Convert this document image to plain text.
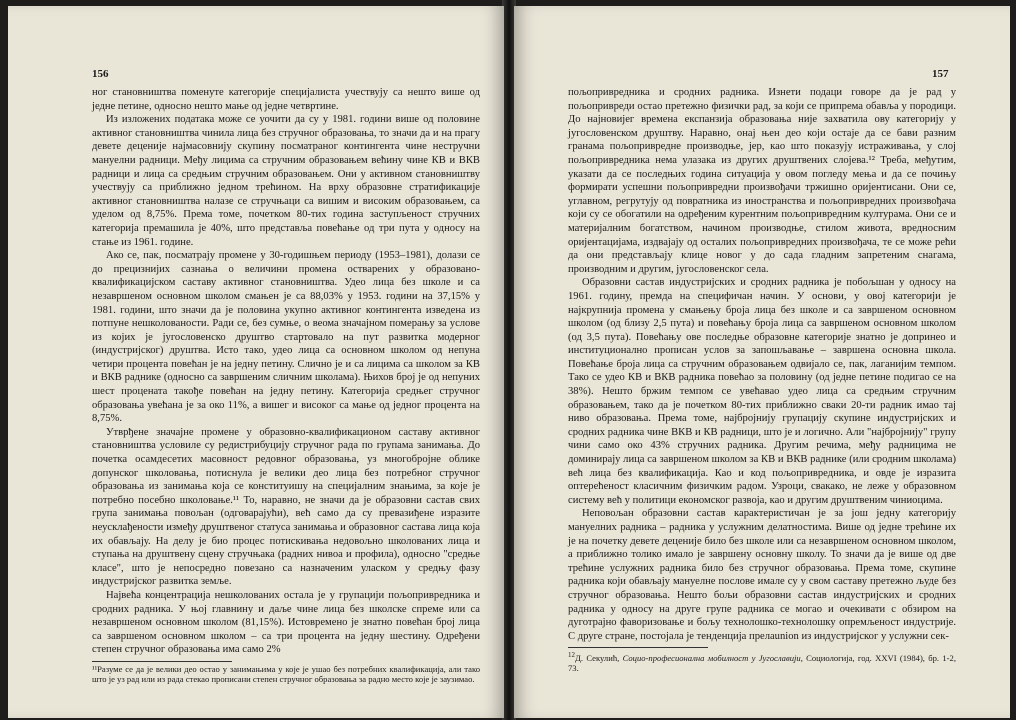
156

ног становништва поменуте категорије специјалиста учествују са нешто више од једне петине, односно нешто мање од једне четвртине.

Из изложених података може се уочити да су у 1981. години више од половине активног становништва чинила лица без стручног образовања, то значи да и на прагу девете деценије најмасовнију скупину посматраног контингента чине нестручни мануелни радници. Међу лицима са стручним образовањем већину чине КВ и ВКВ радници и лица са средњим стручним образовањем. Они у активном становништву учествују са приближно једном трећином. На врху образовне стратификације активног становништва налазе се стручњаци са вишим и високим образовањем, са уделом од 8,75%. Према томе, почетком 80-тих година заступљеност стручних категорија премашила је 40%, што представља повећање од три пута у односу на стање из 1961. године.

Ако се, пак, посматрају промене у 30-годишњем периоду (1953–1981), долази се до прецизнијих сазнања о величини промена остварених у образовано-квалификацијском саставу активног становништва. Удео лица без школе и са незавршеном основном школом смањен је са 88,03% у 1953. години на 37,15% у 1981. години, што значи да је половина укупно активног контингента изведена из потпуне нешколованости. Ради се, без сумње, о веома значајном померању за услове из којих је југословенско друштво стартовало на пут развитка модерног (индустријског) друштва. Исто тако, удео лица са основном школом од непуна четири процента повећан је на једну петину. Слично је и са лицима са школом за КВ и ВКВ раднике (односно са завршеним сличним школама). Њихов број је од непуних шест процената такође повећан на једну петину. Категорија средњег стручног образовања увећана је за око 11%, а вишег и високог са мање од једног процента на 8,75%.

Утврђене значајне промене у образовно-квалификационом саставу активног становништва условиле су редистрибуцију стручног рада по групама занимања. До почетка осамдесетих масовност редовног образовања, уз многобројне облике допунског школовања, потиснула је велики део лица без потребног стручног образовања из занимања која се конституишу на специјалним знањима, за које је потребно посебно школовање.¹¹ То, наравно, не значи да је образовни састав свих група занимања повољан (одговарајући), већ само да су превазиђене изразите неусклађености између друштвеног статуса занимања и образовног састава лица која их обављају. На делу је био процес потискивања недовољно школованих лица и ступања на друштвену сцену стручњака (радних нивоа и профила), односно "средње класе", што је непосредно повезано са назначеним уласком у средњу фазу индустријског развитка земље.

Највећа концентрација нешколованих остала је у групацији пољопривредника и сродних радника. У њој главнину и даље чине лица без школске спреме или са незавршеном основном школом (81,15%). Истовремено је знатно повећан број лица са завршеном основном школом – са три процента на једну шестину. Одређени степен стручног образовања има само 2%

¹¹Разуме се да је велики део остао у занимањима у које је ушао без потребних квалификација, али тако што је уз рад или из рада стекао прописани степен стручног образовања за радно место које је заузимао.

157

пољопривредника и сродних радника. Изнети подаци говоре да је рад у пољопривреди остао претежно физички рад, за који се припрема обавља у породици. До најновијег времена експанзија образовања није захватила ову категорију у југословенском друштву. Наравно, онај њен део који остаје да се бави разним гранама пољопривредне производње, јер, као што показују истраживања, у слој пољопривредника нема улазака из других друштвених слојева.¹² Треба, међутим, указати да се последњих година ситуација у овом погледу мења и да се почињу формирати успешни пољопривредни произвођачи тржишно оријентисани. Они се, углавном, регрутују од повратника из иностранства и пољопривредних произвођача који су се обогатили на одређеним курентним пољопривредним културама. Они се и материјалним богатством, начином производње, стилом живота, вредносним оријентацијама, издвајају од осталих пољопривредних произвођача, те се може рећи да они представљају клице новог у до сада гладним запретеним снагама, производним и другим, југословенског села.

Образовни састав индустријских и сродних радника је побољшан у односу на 1961. годину, премда на специфичан начин. У основи, у овој категорији је најкрупнија промена у смањењу броја лица без школе и са завршеном основном школом (од близу 2,5 пута) и повећању броја лица са завршеном основном школом (од 3,5 пута). Повећању ове последње образовне категорије знатно је допринео и институционално прописан услов за запошљавање – завршена основна школа. Повећање броја лица са стручним образовањем одвијало се, пак, лаганијим темпом. Тако се удео КВ и ВКВ радника повећао за половину (од једне петине подигао се на 38%). Нешто бржим темпом се увећавао удео лица са средњим стручним образовањем, тако да је почетком 80-тих приближно сваки 20-ти радник имао тај ниво образовања. Према томе, најбројнију групацију скупине индустријских и сродних радника чине ВКВ и КВ радници, што је и логично. Али "најбројнију" групу чини само око 43% стручних радника. Другим речима, међу радницима не доминирају лица са завршеном школом за КВ и ВКВ раднике (или сродним школама) већ лица без квалификација. Као и код пољопривредника, и овде је изразита оптерећеност класичним физичким радом. Узроци, свакако, не леже у образовном систему већ у политици економског развоја, као и другим друштвеним чиниоцима.

Неповољан образовни састав карактеристичан је за још једну категорију мануелних радника – радника у услужним делатностима. Више од једне трећине их је на почетку девете деценије било без школе или са незавршеном основном школом, а приближно толико имало је завршену основну школу. То значи да је више од две трећине услужних радника било без стручног образовања. Према томе, скупине радника који обављају мануелне послове имале су у свом саставу претежно људе без стручног образовања. Нешто бољи образовни састав индустријских и сродних радника у односу на друге групе радника се могао и очекивати с обзиром на дуготрајно фаворизовање и бољу технолошко-технолошку опремљеност индустрије. С друге стране, постојала је тенденција прелаunion из индустријског у услужни сек-

$^{12}$Д. Секулић, Социо-професионална мобилност у Југославији, Социологија, год. XXVI (1984), бр. 1-2, 73.
